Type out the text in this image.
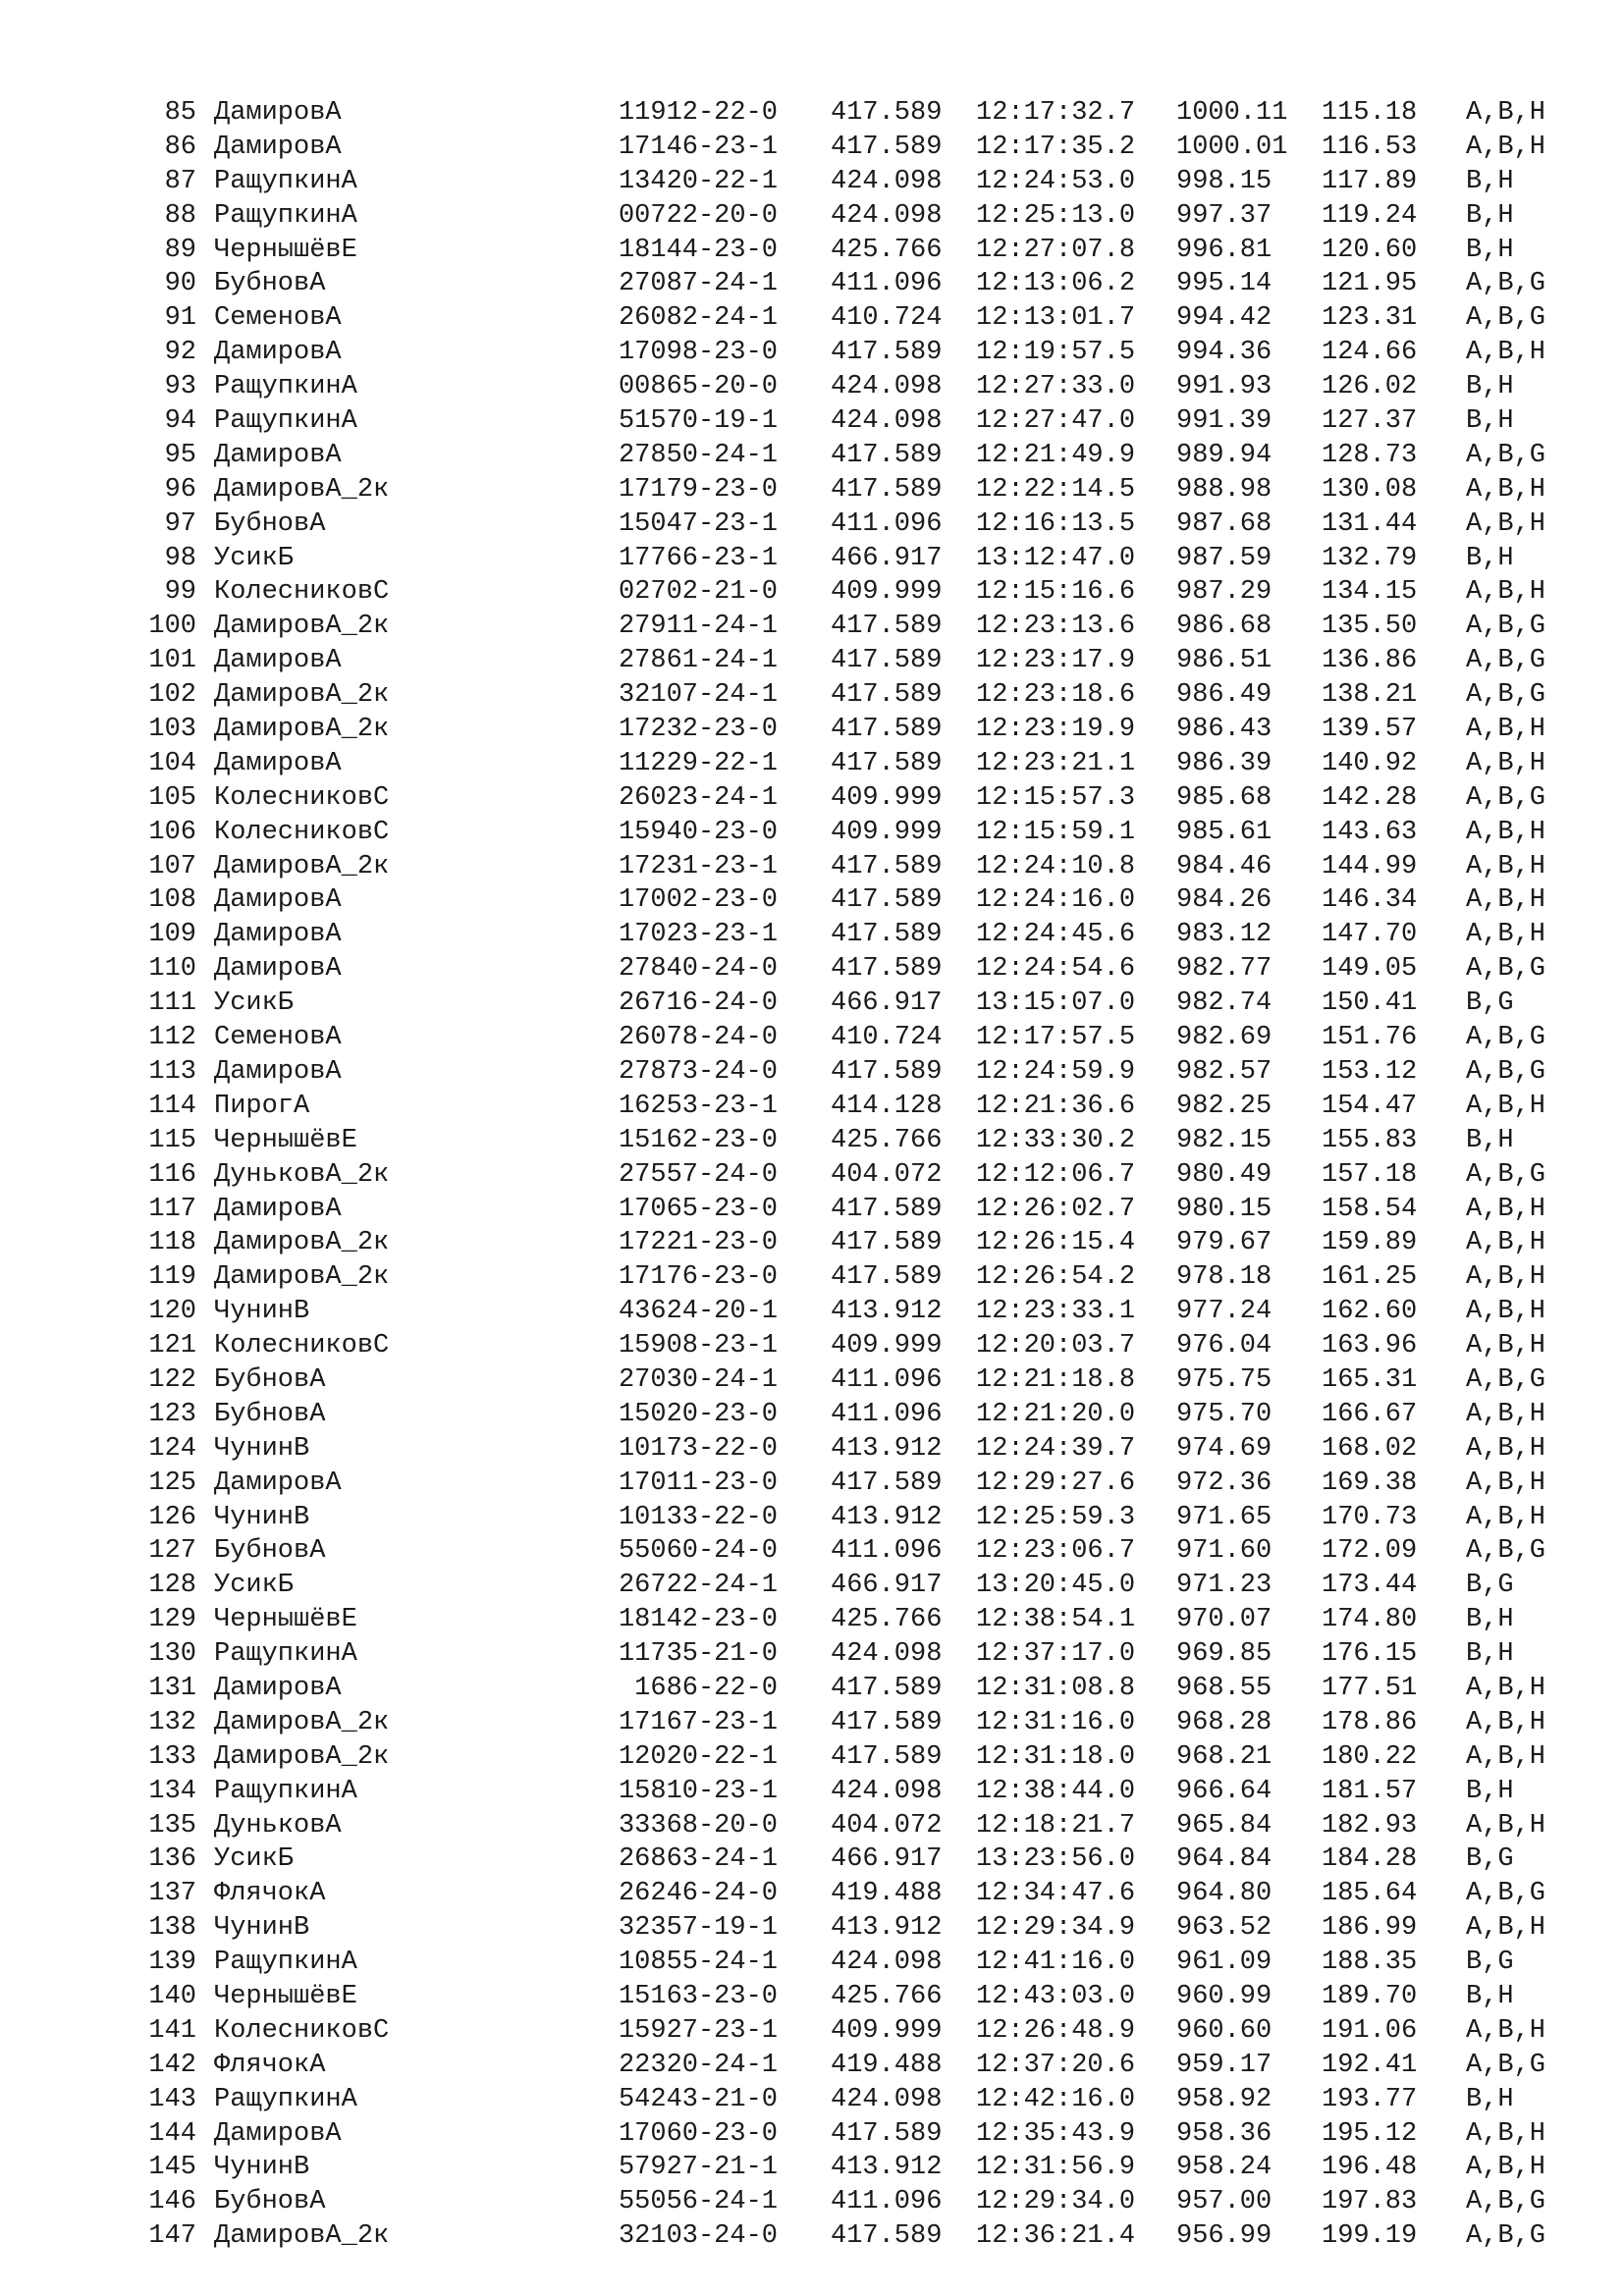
85 ДамировА	11912-22-0 417.589 12:17:32.7 1000.11 115.18 A,B,H
86 ДамировА	17146-23-1 417.589 12:17:35.2 1000.01 116.53 A,B,H
87 РащупкинА	13420-22-1 424.098 12:24:53.0 998.15 117.89 B,H
88 РащупкинА	00722-20-0 424.098 12:25:13.0 997.37 119.24 B,H
89 ЧернышёвЕ	18144-23-0 425.766 12:27:07.8 996.81 120.60 B,H
90 БубновА	27087-24-1 411.096 12:13:06.2 995.14 121.95 A,B,G
91 СеменовА	26082-24-1 410.724 12:13:01.7 994.42 123.31 A,B,G
92 ДамировА	17098-23-0 417.589 12:19:57.5 994.36 124.66 A,B,H
93 РащупкинА	00865-20-0 424.098 12:27:33.0 991.93 126.02 B,H
94 РащупкинА	51570-19-1 424.098 12:27:47.0 991.39 127.37 B,H
95 ДамировА	27850-24-1 417.589 12:21:49.9 989.94 128.73 A,B,G
96 ДамировА_2к	17179-23-0 417.589 12:22:14.5 988.98 130.08 A,B,H
97 БубновА	15047-23-1 411.096 12:16:13.5 987.68 131.44 A,B,H
98 УсикБ	17766-23-1 466.917 13:12:47.0 987.59 132.79 B,H
99 КолесниковС	02702-21-0 409.999 12:15:16.6 987.29 134.15 A,B,H
100 ДамировА_2к	27911-24-1 417.589 12:23:13.6 986.68 135.50 A,B,G
101 ДамировА	27861-24-1 417.589 12:23:17.9 986.51 136.86 A,B,G
102 ДамировА_2к	32107-24-1 417.589 12:23:18.6 986.49 138.21 A,B,G
103 ДамировА_2к	17232-23-0 417.589 12:23:19.9 986.43 139.57 A,B,H
104 ДамировА	11229-22-1 417.589 12:23:21.1 986.39 140.92 A,B,H
105 КолесниковС	26023-24-1 409.999 12:15:57.3 985.68 142.28 A,B,G
106 КолесниковС	15940-23-0 409.999 12:15:59.1 985.61 143.63 A,B,H
107 ДамировА_2к	17231-23-1 417.589 12:24:10.8 984.46 144.99 A,B,H
108 ДамировА	17002-23-0 417.589 12:24:16.0 984.26 146.34 A,B,H
109 ДамировА	17023-23-1 417.589 12:24:45.6 983.12 147.70 A,B,H
110 ДамировА	27840-24-0 417.589 12:24:54.6 982.77 149.05 A,B,G
111 УсикБ	26716-24-0 466.917 13:15:07.0 982.74 150.41 B,G
112 СеменовА	26078-24-0 410.724 12:17:57.5 982.69 151.76 A,B,G
113 ДамировА	27873-24-0 417.589 12:24:59.9 982.57 153.12 A,B,G
114 ПирогА	16253-23-1 414.128 12:21:36.6 982.25 154.47 A,B,H
115 ЧернышёвЕ	15162-23-0 425.766 12:33:30.2 982.15 155.83 B,H
116 ДуньковА_2к	27557-24-0 404.072 12:12:06.7 980.49 157.18 A,B,G
117 ДамировА	17065-23-0 417.589 12:26:02.7 980.15 158.54 A,B,H
118 ДамировА_2к	17221-23-0 417.589 12:26:15.4 979.67 159.89 A,B,H
119 ДамировА_2к	17176-23-0 417.589 12:26:54.2 978.18 161.25 A,B,H
120 ЧунинВ	43624-20-1 413.912 12:23:33.1 977.24 162.60 A,B,H
121 КолесниковС	15908-23-1 409.999 12:20:03.7 976.04 163.96 A,B,H
122 БубновА	27030-24-1 411.096 12:21:18.8 975.75 165.31 A,B,G
123 БубновА	15020-23-0 411.096 12:21:20.0 975.70 166.67 A,B,H
124 ЧунинВ	10173-22-0 413.912 12:24:39.7 974.69 168.02 A,B,H
125 ДамировА	17011-23-0 417.589 12:29:27.6 972.36 169.38 A,B,H
126 ЧунинВ	10133-22-0 413.912 12:25:59.3 971.65 170.73 A,B,H
127 БубновА	55060-24-0 411.096 12:23:06.7 971.60 172.09 A,B,G
128 УсикБ	26722-24-1 466.917 13:20:45.0 971.23 173.44 B,G
129 ЧернышёвЕ	18142-23-0 425.766 12:38:54.1 970.07 174.80 B,H
130 РащупкинА	11735-21-0 424.098 12:37:17.0 969.85 176.15 B,H
131 ДамировА	1686-22-0 417.589 12:31:08.8 968.55 177.51 A,B,H
132 ДамировА_2к	17167-23-1 417.589 12:31:16.0 968.28 178.86 A,B,H
133 ДамировА_2к	12020-22-1 417.589 12:31:18.0 968.21 180.22 A,B,H
134 РащупкинА	15810-23-1 424.098 12:38:44.0 966.64 181.57 B,H
135 ДуньковА	33368-20-0 404.072 12:18:21.7 965.84 182.93 A,B,H
136 УсикБ	26863-24-1 466.917 13:23:56.0 964.84 184.28 B,G
137 ФлячокА	26246-24-0 419.488 12:34:47.6 964.80 185.64 A,B,G
138 ЧунинВ	32357-19-1 413.912 12:29:34.9 963.52 186.99 A,B,H
139 РащупкинА	10855-24-1 424.098 12:41:16.0 961.09 188.35 B,G
140 ЧернышёвЕ	15163-23-0 425.766 12:43:03.0 960.99 189.70 B,H
141 КолесниковС	15927-23-1 409.999 12:26:48.9 960.60 191.06 A,B,H
142 ФлячокА	22320-24-1 419.488 12:37:20.6 959.17 192.41 A,B,G
143 РащупкинА	54243-21-0 424.098 12:42:16.0 958.92 193.77 B,H
144 ДамировА	17060-23-0 417.589 12:35:43.9 958.36 195.12 A,B,H
145 ЧунинВ	57927-21-1 413.912 12:31:56.9 958.24 196.48 A,B,H
146 БубновА	55056-24-1 411.096 12:29:34.0 957.00 197.83 A,B,G
147 ДамировА_2к	32103-24-0 417.589 12:36:21.4 956.99 199.19 A,B,G
